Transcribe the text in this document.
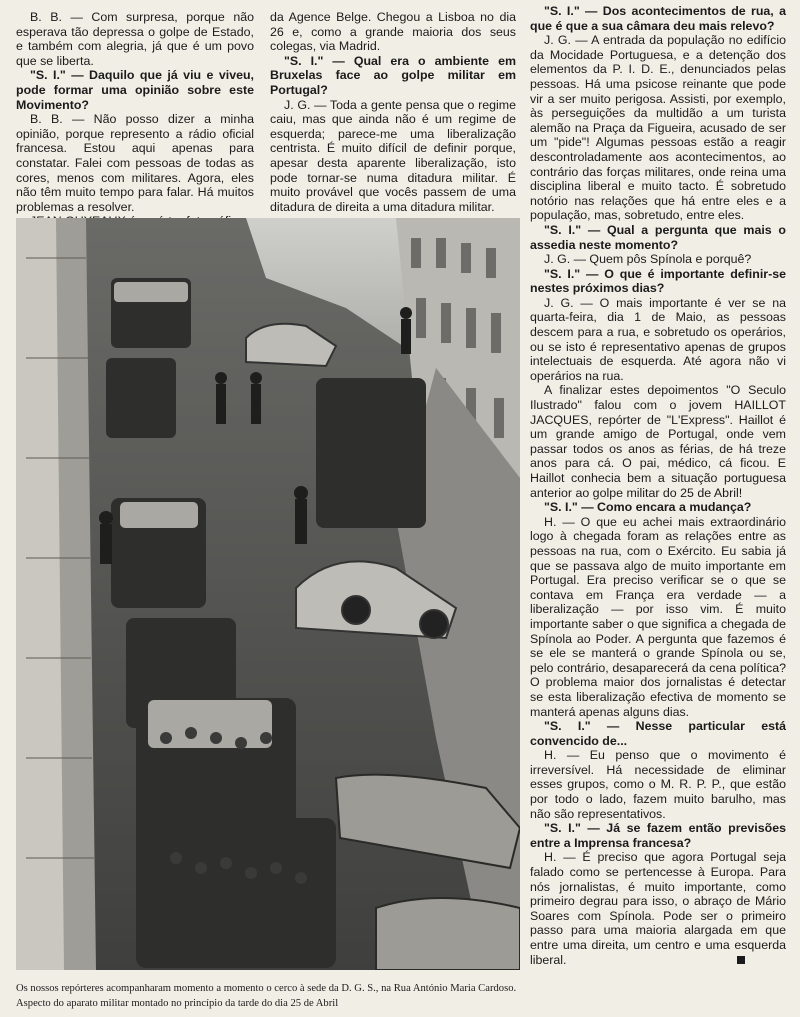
B. B. — Com surpresa, porque não esperava tão depressa o golpe de Estado, e também com alegria, já que é um povo que se liberta.

"S. I." — Daquilo que já viu e viveu, pode formar uma opinião sobre este Movimento?

B. B. — Não posso dizer a minha opinião, porque represento a rádio oficial francesa. Estou aqui apenas para constatar. Falei com pessoas de todas as cores, menos com militares. Agora, eles não têm muito tempo para falar. Há muitos problemas a resolver.

da Agence Belge. Chegou a Lisboa no dia 26 e, como a grande maioria dos seus colegas, via Madrid.

"S. I." — Qual era o ambiente em Bruxelas face ao golpe militar em Portugal?

J. G. — Toda a gente pensa que o regime caiu, mas que ainda não é um regime de esquerda; parece-me uma liberalização centrista. É muito difícil de definir porque, apesar desta aparente liberalização, isto pode tornar-se numa ditadura militar. É muito provável que vocês passem de uma ditadura de direita a uma ditadura militar.

"S. I." — Dos acontecimentos de rua, a que é que a sua câmara deu mais relevo?

J. G. — A entrada da população no edifício da Mocidade Portuguesa, e a detenção dos elementos da P. I. D. E., denunciados pelas pessoas. Há uma psicose reinante que pode vir a ser muito perigosa. Assisti, por exemplo, às perseguições da multidão a um turista alemão na Praça da Figueira, acusado de ser um "pide"! Algumas pessoas estão a reagir descontroladamente aos acontecimentos, ao contrário das forças militares, onde reina uma disciplina liberal e muito tacto. É sobretudo notório nas relações que há entre eles e a população, mas, sobretudo, entre eles.

"S. I." — Qual a pergunta que mais o assedia neste momento?

J. G. — Quem pôs Spínola e porquê?

"S. I." — O que é importante definir-se nestes próximos dias?

J. G. — O mais importante é ver se na quarta-feira, dia 1 de Maio, as pessoas descem para a rua, e sobretudo os operários, ou se isto é representativo apenas de grupos intelectuais de esquerda. Até agora não vi operários na rua.

A finalizar estes depoimentos "O Seculo Ilustrado" falou com o jovem HAILLOT JACQUES, repórter de "L'Express". Haillot é um grande amigo de Portugal, onde vem passar todos os anos as férias, de há treze anos para cá. O pai, médico, cá ficou. E Haillot conhecia bem a situação portuguesa anterior ao golpe militar do 25 de Abril!

"S. I." — Como encara a mudança?

H. — O que eu achei mais extraordinário logo à chegada foram as relações entre as pessoas na rua, com o Exército. Eu sabia já que se passava algo de muito importante em Portugal. Era preciso verificar se o que se contava em França era verdade — a liberalização — por isso vim. É muito importante saber o que significa a chegada de Spínola ao Poder. A pergunta que fazemos é se ele se manterá o grande Spínola ou se, pelo contrário, desaparecerá da cena política? O problema maior dos jornalistas é detectar se esta liberalização efectiva de momento se manterá apenas alguns dias.

"S. I." — Nesse particular está convencido de...

H. — Eu penso que o movimento é irreversível. Há necessidade de eliminar esses grupos, como o M. R. P. P., que estão por todo o lado, fazem muito barulho, mas não são representativos.

"S. I." — Já se fazem então previsões entre a Imprensa francesa?

H. — É preciso que agora Portugal seja falado como se pertencesse à Europa. Para nós jornalistas, é muito importante, como primeiro degrau para isso, o abraço de Mário Soares com Spínola. Pode ser o primeiro passo para uma maioria alargada em que entre uma direita, um centro e uma esquerda liberal.

Os nossos repórteres acompanharam momento a momento o cerco à sede da D. G. S., na Rua António Maria Cardoso. Aspecto do aparato militar montado no princípio da tarde do dia 25 de Abril
